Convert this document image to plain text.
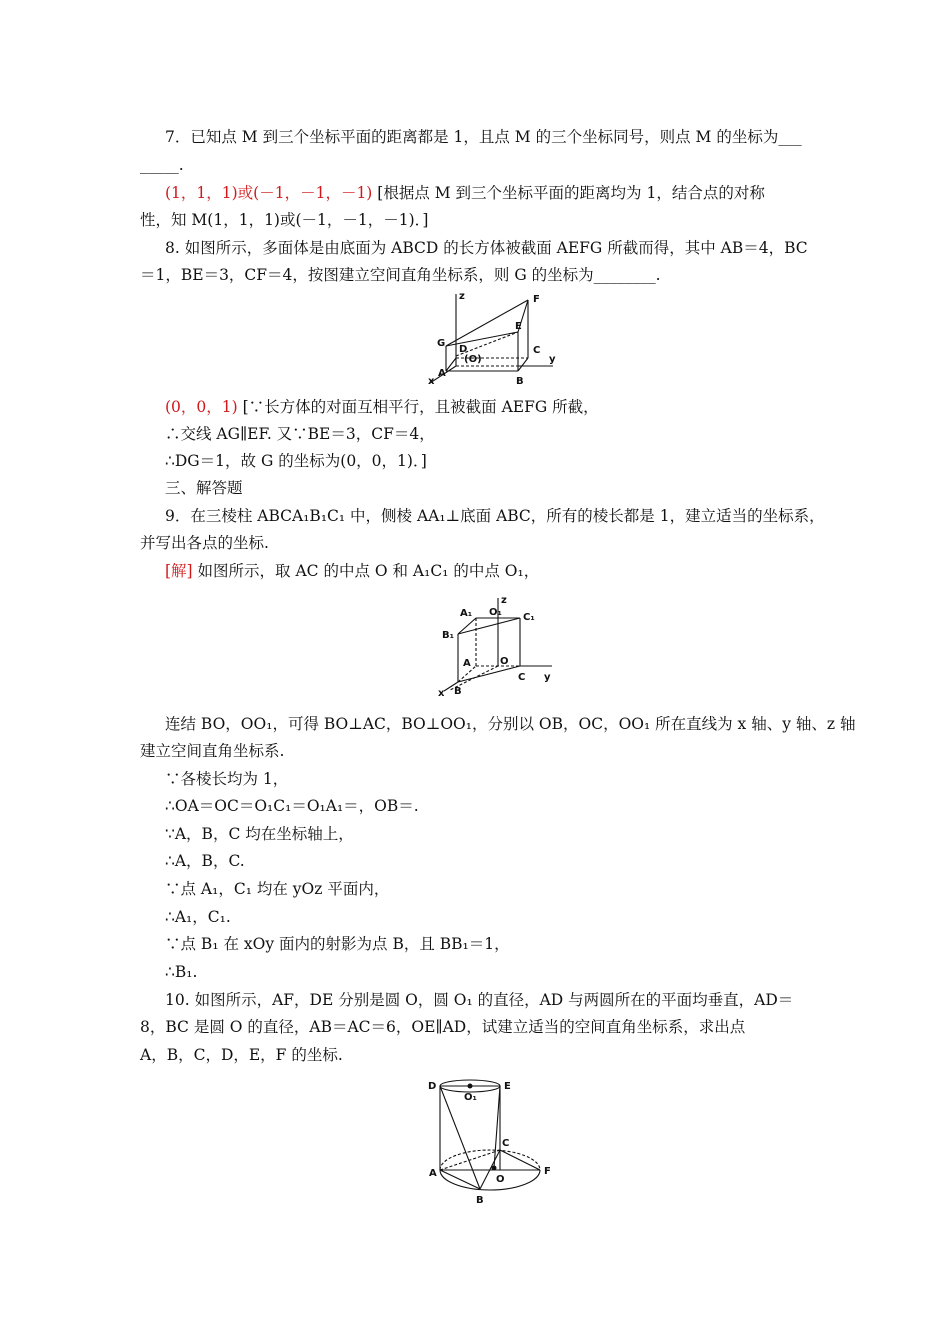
7．已知点 M 到三个坐标平面的距离都是 1，且点 M 的三个坐标同号，则点 M 的坐标为___
_____.
(1，1，1)或(－1，－1，－1) [根据点 M 到三个坐标平面的距离均为 1，结合点的对称
性，知 M(1，1，1)或(－1，－1，－1)．]
8. 如图所示，多面体是由底面为 ABCD 的长方体被截面 AEFG 所截而得，其中 AB＝4，BC
＝1，BE＝3，CF＝4，按图建立空间直角坐标系，则 G 的坐标为________.
z	F
E
G
D
(O)
C
y
A
x	B
(0，0，1) [∵长方体的对面互相平行，且被截面 AEFG 所截，
∴交线 AG∥EF. 又∵BE＝3，CF＝4，
∴DG＝1，故 G 的坐标为(0，0，1)．]
三、解答题
9．在三棱柱 ABCA₁B₁C₁ 中，侧棱 AA₁⊥底面 ABC，所有的棱长都是 1，建立适当的坐标系，
并写出各点的坐标.
[解] 如图所示，取 AC 的中点 O 和 A₁C₁ 的中点 O₁，
z
A₁ O₁ C₁
B₁
A	O
C y
x B
连结 BO，OO₁，可得 BO⊥AC，BO⊥OO₁，分别以 OB，OC，OO₁ 所在直线为 x 轴、y 轴、z 轴
建立空间直角坐标系.
∵各棱长均为 1，
∴OA＝OC＝O₁C₁＝O₁A₁＝，OB＝.
∵A，B，C 均在坐标轴上，
∴A，B，C.
∵点 A₁，C₁ 均在 yOz 平面内，
∴A₁，C₁.
∵点 B₁ 在 xOy 面内的射影为点 B，且 BB₁＝1，
∴B₁.
10. 如图所示，AF，DE 分别是圆 O，圆 O₁ 的直径，AD 与两圆所在的平面均垂直，AD＝
8，BC 是圆 O 的直径，AB＝AC＝6，OE∥AD，试建立适当的空间直角坐标系，求出点
A，B，C，D，E，F 的坐标.
D	E
O₁
C
A
O
F
B
